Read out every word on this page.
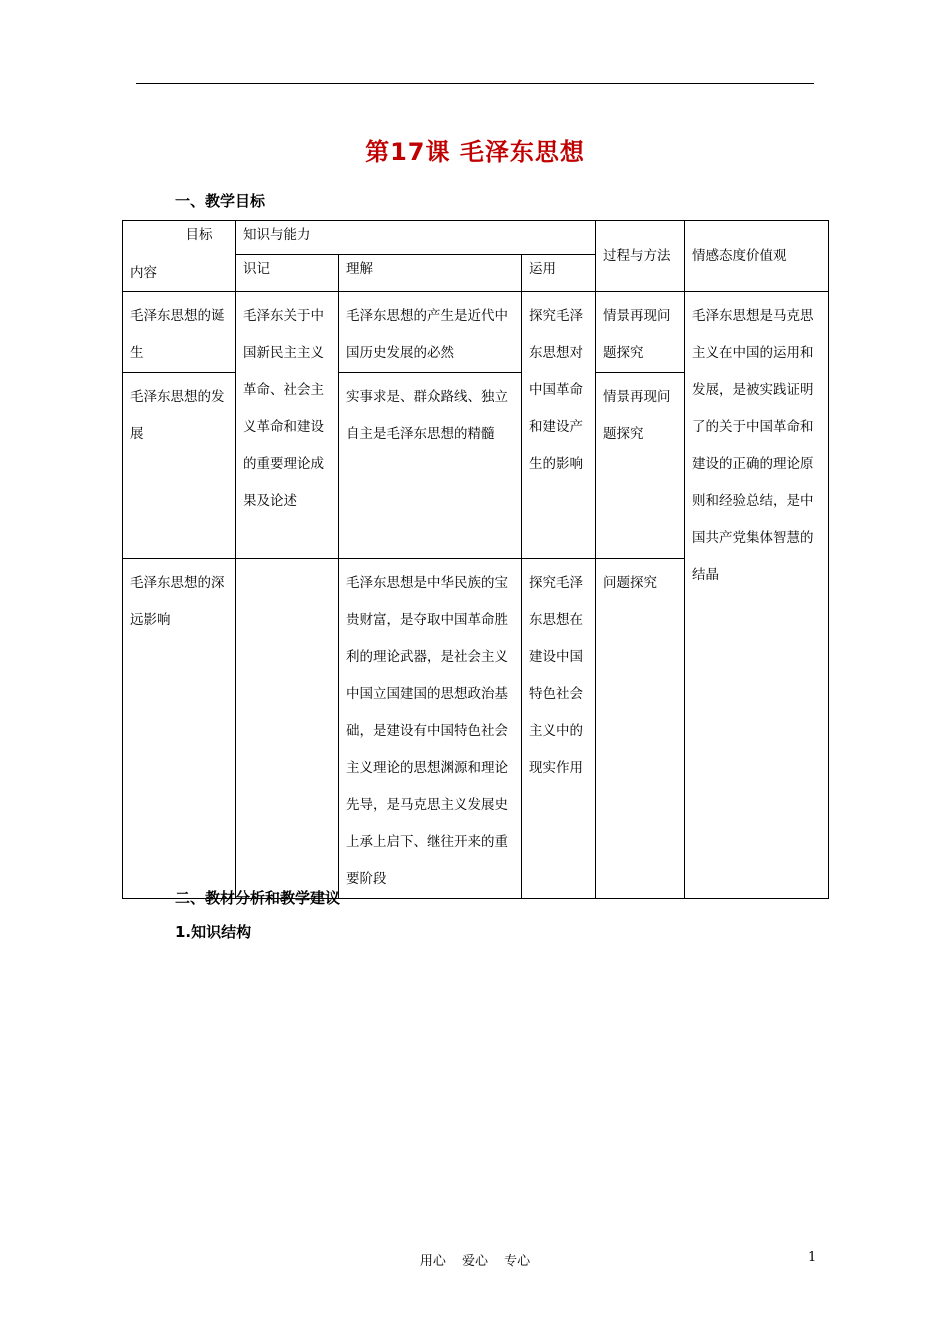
第17课 毛泽东思想
一、教学目标
目标
内容	知识与能力			过程与方法	情感态度价值观
	识记	理解	运用		
毛泽东思想的诞生	毛泽东关于中国新民主主义革命、社会主义革命和建设的重要理论成果及论述	毛泽东思想的产生是近代中国历史发展的必然	探究毛泽东思想对中国革命和建设产生的影响	情景再现问题探究	毛泽东思想是马克思主义在中国的运用和发展，是被实践证明了的关于中国革命和建设的正确的理论原则和经验总结，是中国共产党集体智慧的结晶
毛泽东思想的发展		实事求是、群众路线、独立自主是毛泽东思想的精髓		情景再现问题探究	
毛泽东思想的深远影响		毛泽东思想是中华民族的宝贵财富，是夺取中国革命胜利的理论武器，是社会主义中国立国建国的思想政治基础，是建设有中国特色社会主义理论的思想渊源和理论先导，是马克思主义发展史上承上启下、继往开来的重要阶段	探究毛泽东思想在建设中国特色社会主义中的现实作用	问题探究	
二、教材分析和教学建议
1.知识结构
用心 爱心 专心	1
